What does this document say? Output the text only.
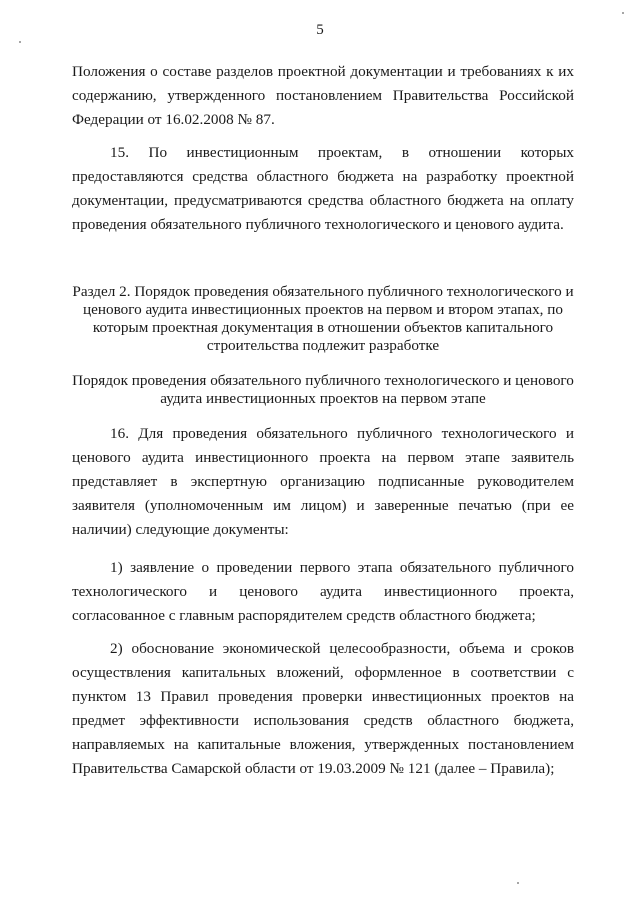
5

Положения о составе разделов проектной документации и требованиях к их содержанию, утвержденного постановлением Правительства Российской Федерации от 16.02.2008 № 87.

15. По инвестиционным проектам, в отношении которых предоставляются средства областного бюджета на разработку проектной документации, предусматриваются средства областного бюджета на оплату проведения обязательного публичного технологического и ценового аудита.

Раздел 2. Порядок проведения обязательного публичного технологического и ценового аудита инвестиционных проектов на первом и втором этапах, по которым проектная документация в отношении объектов капитального строительства подлежит разработке

Порядок проведения обязательного публичного технологического и ценового аудита инвестиционных проектов на первом этапе

16. Для проведения обязательного публичного технологического и ценового аудита инвестиционного проекта на первом этапе заявитель представляет в экспертную организацию подписанные руководителем заявителя (уполномоченным им лицом) и заверенные печатью (при ее наличии) следующие документы:

1) заявление о проведении первого этапа обязательного публичного технологического и ценового аудита инвестиционного проекта, согласованное с главным распорядителем средств областного бюджета;

2) обоснование экономической целесообразности, объема и сроков осуществления капитальных вложений, оформленное в соответствии с пунктом 13 Правил проведения проверки инвестиционных проектов на предмет эффективности использования средств областного бюджета, направляемых на капитальные вложения, утвержденных постановлением Правительства Самарской области от 19.03.2009 № 121 (далее – Правила);
